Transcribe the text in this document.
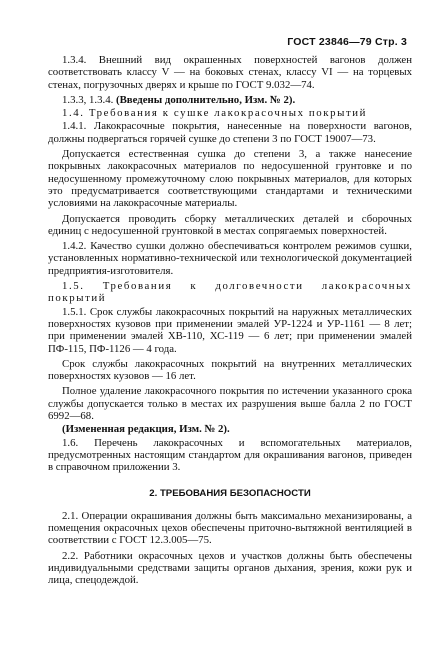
ГОСТ 23846—79 Стр. 3

1.3.4. Внешний вид окрашенных поверхностей вагонов должен соответствовать классу V — на боковых стенах, классу VI — на торцевых стенах, погрузочных дверях и крыше по ГОСТ 9.032—74.

1.3.3, 1.3.4. (Введены дополнительно, Изм. № 2).

1.4. Требования к сушке лакокрасочных покрытий

1.4.1. Лакокрасочные покрытия, нанесенные на поверхности вагонов, должны подвергаться горячей сушке до степени 3 по ГОСТ 19007—73.

Допускается естественная сушка до степени 3, а также нанесение покрывных лакокрасочных материалов по недосушенной грунтовке и по недосушенному промежуточному слою покрывных материалов, для которых это предусматривается соответствующими стандартами и техническими условиями на лакокрасочные материалы.

Допускается проводить сборку металлических деталей и сборочных единиц с недосушенной грунтовкой в местах сопрягаемых поверхностей.

1.4.2. Качество сушки должно обеспечиваться контролем режимов сушки, установленных нормативно-технической или технологической документацией предприятия-изготовителя.

1.5. Требования к долговечности лакокрасочных покрытий

1.5.1. Срок службы лакокрасочных покрытий на наружных металлических поверхностях кузовов при применении эмалей УР-1224 и УР-1161 — 8 лет; при применении эмалей ХВ-110, ХС-119 — 6 лет; при применении эмалей ПФ-115, ПФ-1126 — 4 года.

Срок службы лакокрасочных покрытий на внутренних металлических поверхностях кузовов — 16 лет.

Полное удаление лакокрасочного покрытия по истечении указанного срока службы допускается только в местах их разрушения выше балла 2 по ГОСТ 6992—68.

(Измененная редакция, Изм. № 2).

1.6. Перечень лакокрасочных и вспомогательных материалов, предусмотренных настоящим стандартом для окрашивания вагонов, приведен в справочном приложении 3.

2. ТРЕБОВАНИЯ БЕЗОПАСНОСТИ

2.1. Операции окрашивания должны быть максимально механизированы, а помещения окрасочных цехов обеспечены приточно-вытяжной вентиляцией в соответствии с ГОСТ 12.3.005—75.

2.2. Работники окрасочных цехов и участков должны быть обеспечены индивидуальными средствами защиты органов дыхания, зрения, кожи рук и лица, спецодеждой.
